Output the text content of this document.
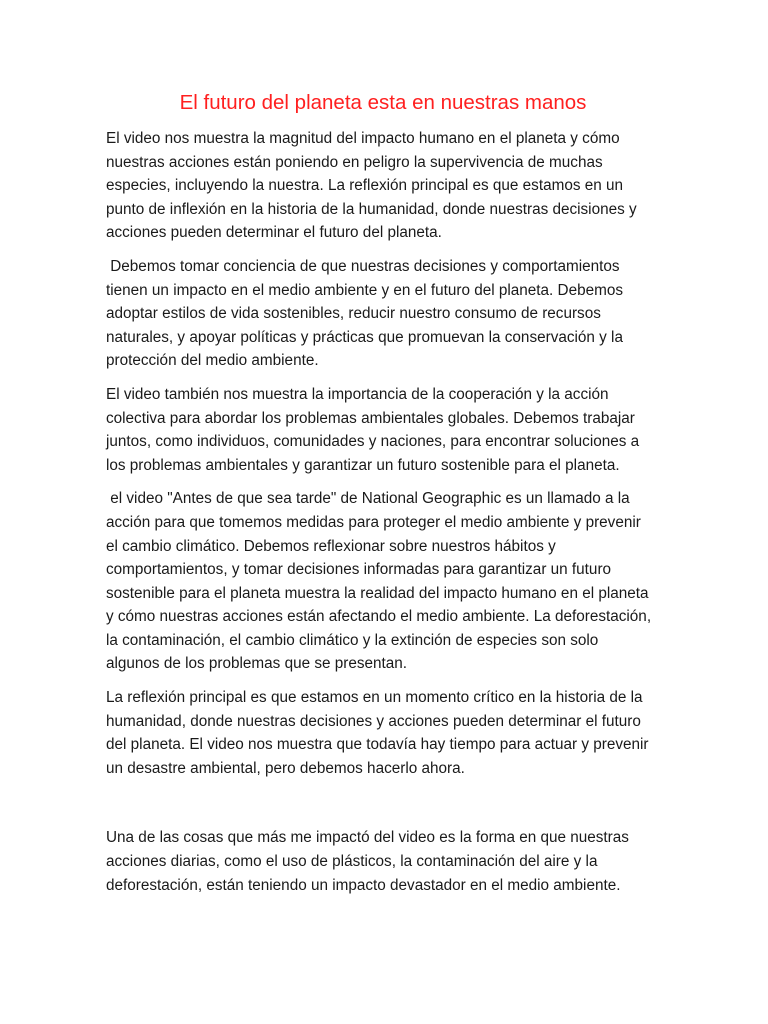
El futuro del planeta esta en nuestras manos

El video nos muestra la magnitud del impacto humano en el planeta y cómo nuestras acciones están poniendo en peligro la supervivencia de muchas especies, incluyendo la nuestra. La reflexión principal es que estamos en un punto de inflexión en la historia de la humanidad, donde nuestras decisiones y acciones pueden determinar el futuro del planeta.

Debemos tomar conciencia de que nuestras decisiones y comportamientos tienen un impacto en el medio ambiente y en el futuro del planeta. Debemos adoptar estilos de vida sostenibles, reducir nuestro consumo de recursos naturales, y apoyar políticas y prácticas que promuevan la conservación y la protección del medio ambiente.

El video también nos muestra la importancia de la cooperación y la acción colectiva para abordar los problemas ambientales globales. Debemos trabajar juntos, como individuos, comunidades y naciones, para encontrar soluciones a los problemas ambientales y garantizar un futuro sostenible para el planeta.

el video "Antes de que sea tarde" de National Geographic es un llamado a la acción para que tomemos medidas para proteger el medio ambiente y prevenir el cambio climático. Debemos reflexionar sobre nuestros hábitos y comportamientos, y tomar decisiones informadas para garantizar un futuro sostenible para el planeta muestra la realidad del impacto humano en el planeta y cómo nuestras acciones están afectando el medio ambiente. La deforestación, la contaminación, el cambio climático y la extinción de especies son solo algunos de los problemas que se presentan.

La reflexión principal es que estamos en un momento crítico en la historia de la humanidad, donde nuestras decisiones y acciones pueden determinar el futuro del planeta. El video nos muestra que todavía hay tiempo para actuar y prevenir un desastre ambiental, pero debemos hacerlo ahora.

Una de las cosas que más me impactó del video es la forma en que nuestras acciones diarias, como el uso de plásticos, la contaminación del aire y la deforestación, están teniendo un impacto devastador en el medio ambiente.
